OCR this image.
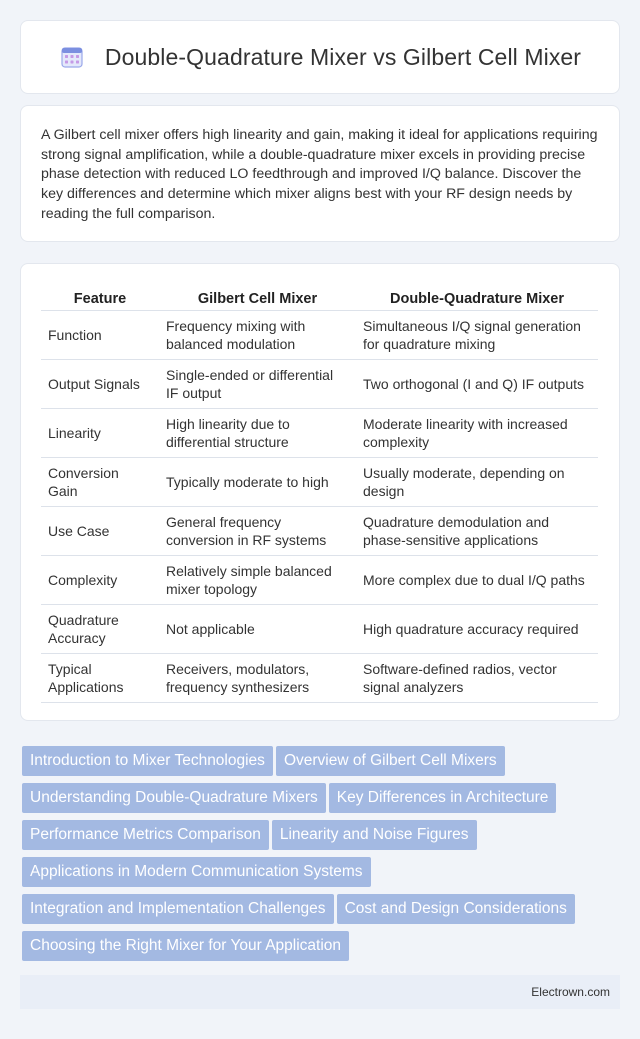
Double-Quadrature Mixer vs Gilbert Cell Mixer

A Gilbert cell mixer offers high linearity and gain, making it ideal for applications requiring strong signal amplification, while a double-quadrature mixer excels in providing precise phase detection with reduced LO feedthrough and improved I/Q balance. Discover the key differences and determine which mixer aligns best with your RF design needs by reading the full comparison.

Feature	Gilbert Cell Mixer	Double-Quadrature Mixer
Function	Frequency mixing with balanced modulation	Simultaneous I/Q signal generation for quadrature mixing
Output Signals	Single-ended or differential IF output	Two orthogonal (I and Q) IF outputs
Linearity	High linearity due to differential structure	Moderate linearity with increased complexity
Conversion Gain	Typically moderate to high	Usually moderate, depending on design
Use Case	General frequency conversion in RF systems	Quadrature demodulation and phase-sensitive applications
Complexity	Relatively simple balanced mixer topology	More complex due to dual I/Q paths
Quadrature Accuracy	Not applicable	High quadrature accuracy required
Typical Applications	Receivers, modulators, frequency synthesizers	Software-defined radios, vector signal analyzers
Introduction to Mixer Technologies Overview of Gilbert Cell Mixers
Understanding Double-Quadrature Mixers Key Differences in Architecture
Performance Metrics Comparison Linearity and Noise Figures
Applications in Modern Communication Systems
Integration and Implementation Challenges Cost and Design Considerations
Choosing the Right Mixer for Your Application
Electrown.com
